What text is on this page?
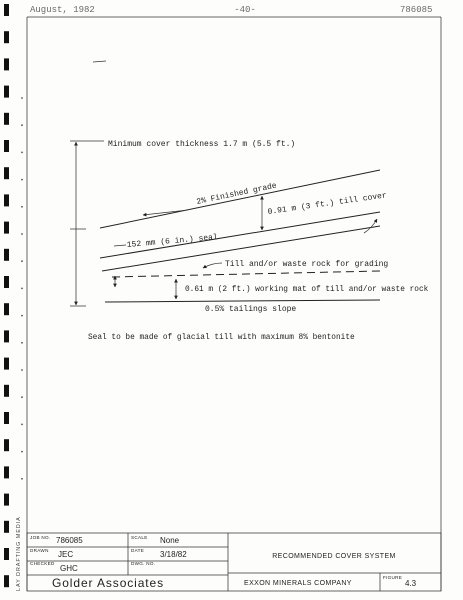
August, 1982	-40-	786085
Minimum cover thickness 1.7 m (5.5 ft.)
2% Finished grade
0.91 m (3 ft.) till cover
152 mm (6 in.) seal
Till and/or waste rock for grading
0.61 m (2 ft.) working mat of till and/or waste rock
0.5% tailings slope
Seal to be made of glacial till with maximum 8% bentonite
LAY DRAFTING MEDIA JOB NO. 786085
DRAWN JEC
CHECKED
GHC
SCALE None
DATE 3/18/82
DWG. NO.
Golder Associates
RECOMMENDED COVER SYSTEM
EXXON MINERALS COMPANY
FIGURE
4.3
